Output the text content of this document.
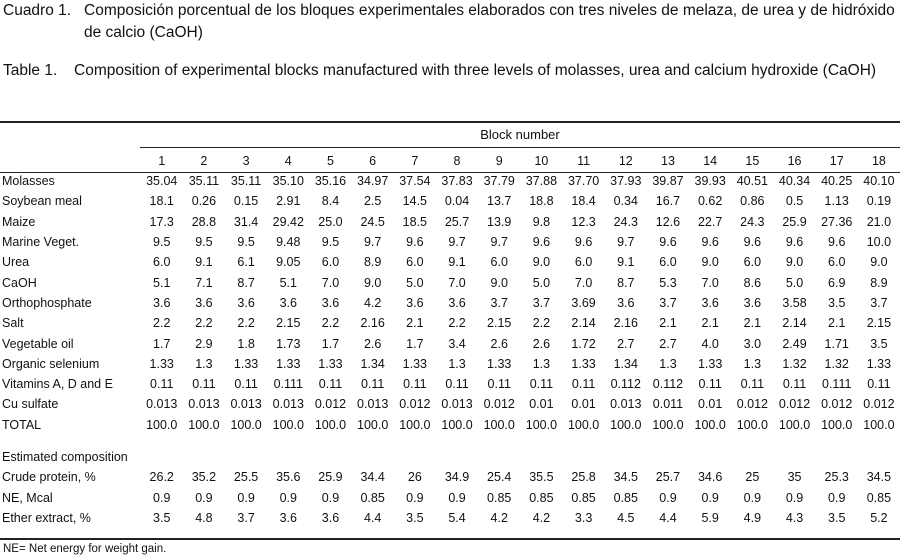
Cuadro 1. Composición porcentual de los bloques experimentales elaborados con tres niveles de melaza, de urea y de hidróxido de calcio (CaOH)
Table 1. Composition of experimental blocks manufactured with three levels of molasses, urea and calcium hydroxide (CaOH)
Block number
	1	2	3	4	5	6	7	8	9	10	11	12	13	14	15	16	17	18
Molasses	35.04	35.11	35.11	35.10	35.16	34.97	37.54	37.83	37.79	37.88	37.70	37.93	39.87	39.93	40.51	40.34	40.25	40.10
Soybean meal	18.1	0.26	0.15	2.91	8.4	2.5	14.5	0.04	13.7	18.8	18.4	0.34	16.7	0.62	0.86	0.5	1.13	0.19
Maize	17.3	28.8	31.4	29.42	25.0	24.5	18.5	25.7	13.9	9.8	12.3	24.3	12.6	22.7	24.3	25.9	27.36	21.0
Marine Veget.	9.5	9.5	9.5	9.48	9.5	9.7	9.6	9.7	9.7	9.6	9.6	9.7	9.6	9.6	9.6	9.6	9.6	10.0
Urea	6.0	9.1	6.1	9.05	6.0	8.9	6.0	9.1	6.0	9.0	6.0	9.1	6.0	9.0	6.0	9.0	6.0	9.0
CaOH	5.1	7.1	8.7	5.1	7.0	9.0	5.0	7.0	9.0	5.0	7.0	8.7	5.3	7.0	8.6	5.0	6.9	8.9
Orthophosphate	3.6	3.6	3.6	3.6	3.6	4.2	3.6	3.6	3.7	3.7	3.69	3.6	3.7	3.6	3.6	3.58	3.5	3.7
Salt	2.2	2.2	2.2	2.15	2.2	2.16	2.1	2.2	2.15	2.2	2.14	2.16	2.1	2.1	2.1	2.14	2.1	2.15
Vegetable oil	1.7	2.9	1.8	1.73	1.7	2.6	1.7	3.4	2.6	2.6	1.72	2.7	2.7	4.0	3.0	2.49	1.71	3.5
Organic selenium	1.33	1.3	1.33	1.33	1.33	1.34	1.33	1.3	1.33	1.3	1.33	1.34	1.3	1.33	1.3	1.32	1.32	1.33
Vitamins A, D and E	0.11	0.11	0.11	0.111	0.11	0.11	0.11	0.11	0.11	0.11	0.11	0.112	0.112	0.11	0.11	0.11	0.111	0.11
Cu sulfate	0.013	0.013	0.013	0.013	0.012	0.013	0.012	0.013	0.012	0.01	0.01	0.013	0.011	0.01	0.012	0.012	0.012	0.012
TOTAL	100.0	100.0	100.0	100.0	100.0	100.0	100.0	100.0	100.0	100.0	100.0	100.0	100.0	100.0	100.0	100.0	100.0	100.0

Estimated composition																		
Crude protein, %	26.2	35.2	25.5	35.6	25.9	34.4	26	34.9	25.4	35.5	25.8	34.5	25.7	34.6	25	35	25.3	34.5
NE, Mcal	0.9	0.9	0.9	0.9	0.9	0.85	0.9	0.9	0.85	0.85	0.85	0.85	0.9	0.9	0.9	0.9	0.9	0.85
Ether extract, %	3.5	4.8	3.7	3.6	3.6	4.4	3.5	5.4	4.2	4.2	3.3	4.5	4.4	5.9	4.9	4.3	3.5	5.2
NE= Net energy for weight gain.
